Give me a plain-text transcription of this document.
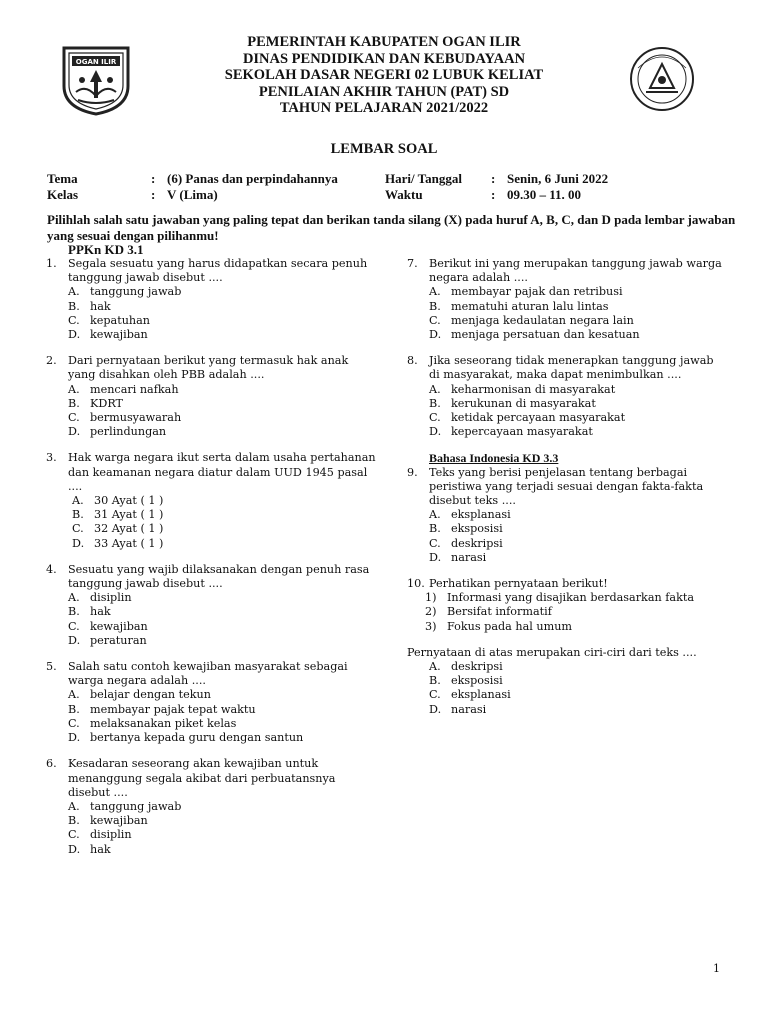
OGAN ILIR
PEMERINTAH KABUPATEN OGAN ILIR
DINAS PENDIDIKAN DAN KEBUDAYAAN
SEKOLAH DASAR NEGERI 02 LUBUK KELIAT
PENILAIAN AKHIR TAHUN (PAT) SD
TAHUN PELAJARAN 2021/2022
LEMBAR SOAL
Tema	: (6) Panas dan perpindahannya	Hari/ Tanggal	: Senin, 6 Juni 2022
Kelas	: V (Lima)	Waktu	: 09.30 – 11. 00
Pilihlah salah satu jawaban yang paling tepat dan berikan tanda silang (X) pada huruf A, B, C, dan D pada lembar jawaban yang sesuai dengan pilihanmu!
PPKn KD 3.1
1.	Segala sesuatu yang harus didapatkan secara penuh tanggung jawab disebut ....
A. tanggung jawab
B. hak
C. kepatuhan
D. kewajiban
2.	Dari pernyataan berikut yang termasuk hak anak yang disahkan oleh PBB adalah ....
A. mencari nafkah
B. KDRT
C. bermusyawarah
D. perlindungan
3.	Hak warga negara ikut serta dalam usaha pertahanan dan keamanan negara diatur dalam UUD 1945 pasal ....
A. 30 Ayat ( 1 )
B. 31 Ayat ( 1 )
C. 32 Ayat ( 1 )
D. 33 Ayat ( 1 )
4.	Sesuatu yang wajib dilaksanakan dengan penuh rasa tanggung jawab disebut ....
A. disiplin
B. hak
C. kewajiban
D. peraturan
5.	Salah satu contoh kewajiban masyarakat sebagai warga negara adalah ....
A. belajar dengan tekun
B. membayar pajak tepat waktu
C. melaksanakan piket kelas
D. bertanya kepada guru dengan santun
6.	Kesadaran seseorang akan kewajiban untuk menanggung segala akibat dari perbuatansnya disebut ....
A. tanggung jawab
B. kewajiban
C. disiplin
D. hak
7.	Berikut ini yang merupakan tanggung jawab warga negara adalah ....
A. membayar pajak dan retribusi
B. mematuhi aturan lalu lintas
C. menjaga kedaulatan negara lain
D. menjaga persatuan dan kesatuan
8.	Jika seseorang tidak menerapkan tanggung jawab di masyarakat, maka dapat menimbulkan ....
A. keharmonisan di masyarakat
B. kerukunan di masyarakat
C. ketidak percayaan masyarakat
D. kepercayaan masyarakat
Bahasa Indonesia KD 3.3
9.	Teks yang berisi penjelasan tentang berbagai peristiwa yang terjadi sesuai dengan fakta-fakta disebut teks ....
A. eksplanasi
B. eksposisi
C. deskripsi
D. narasi
10. Perhatikan pernyataan berikut!
1) Informasi yang disajikan berdasarkan fakta
2) Bersifat informatif
3) Fokus pada hal umum
Pernyataan di atas merupakan ciri-ciri dari teks ....
A. deskripsi
B. eksposisi
C. eksplanasi
D. narasi
1
